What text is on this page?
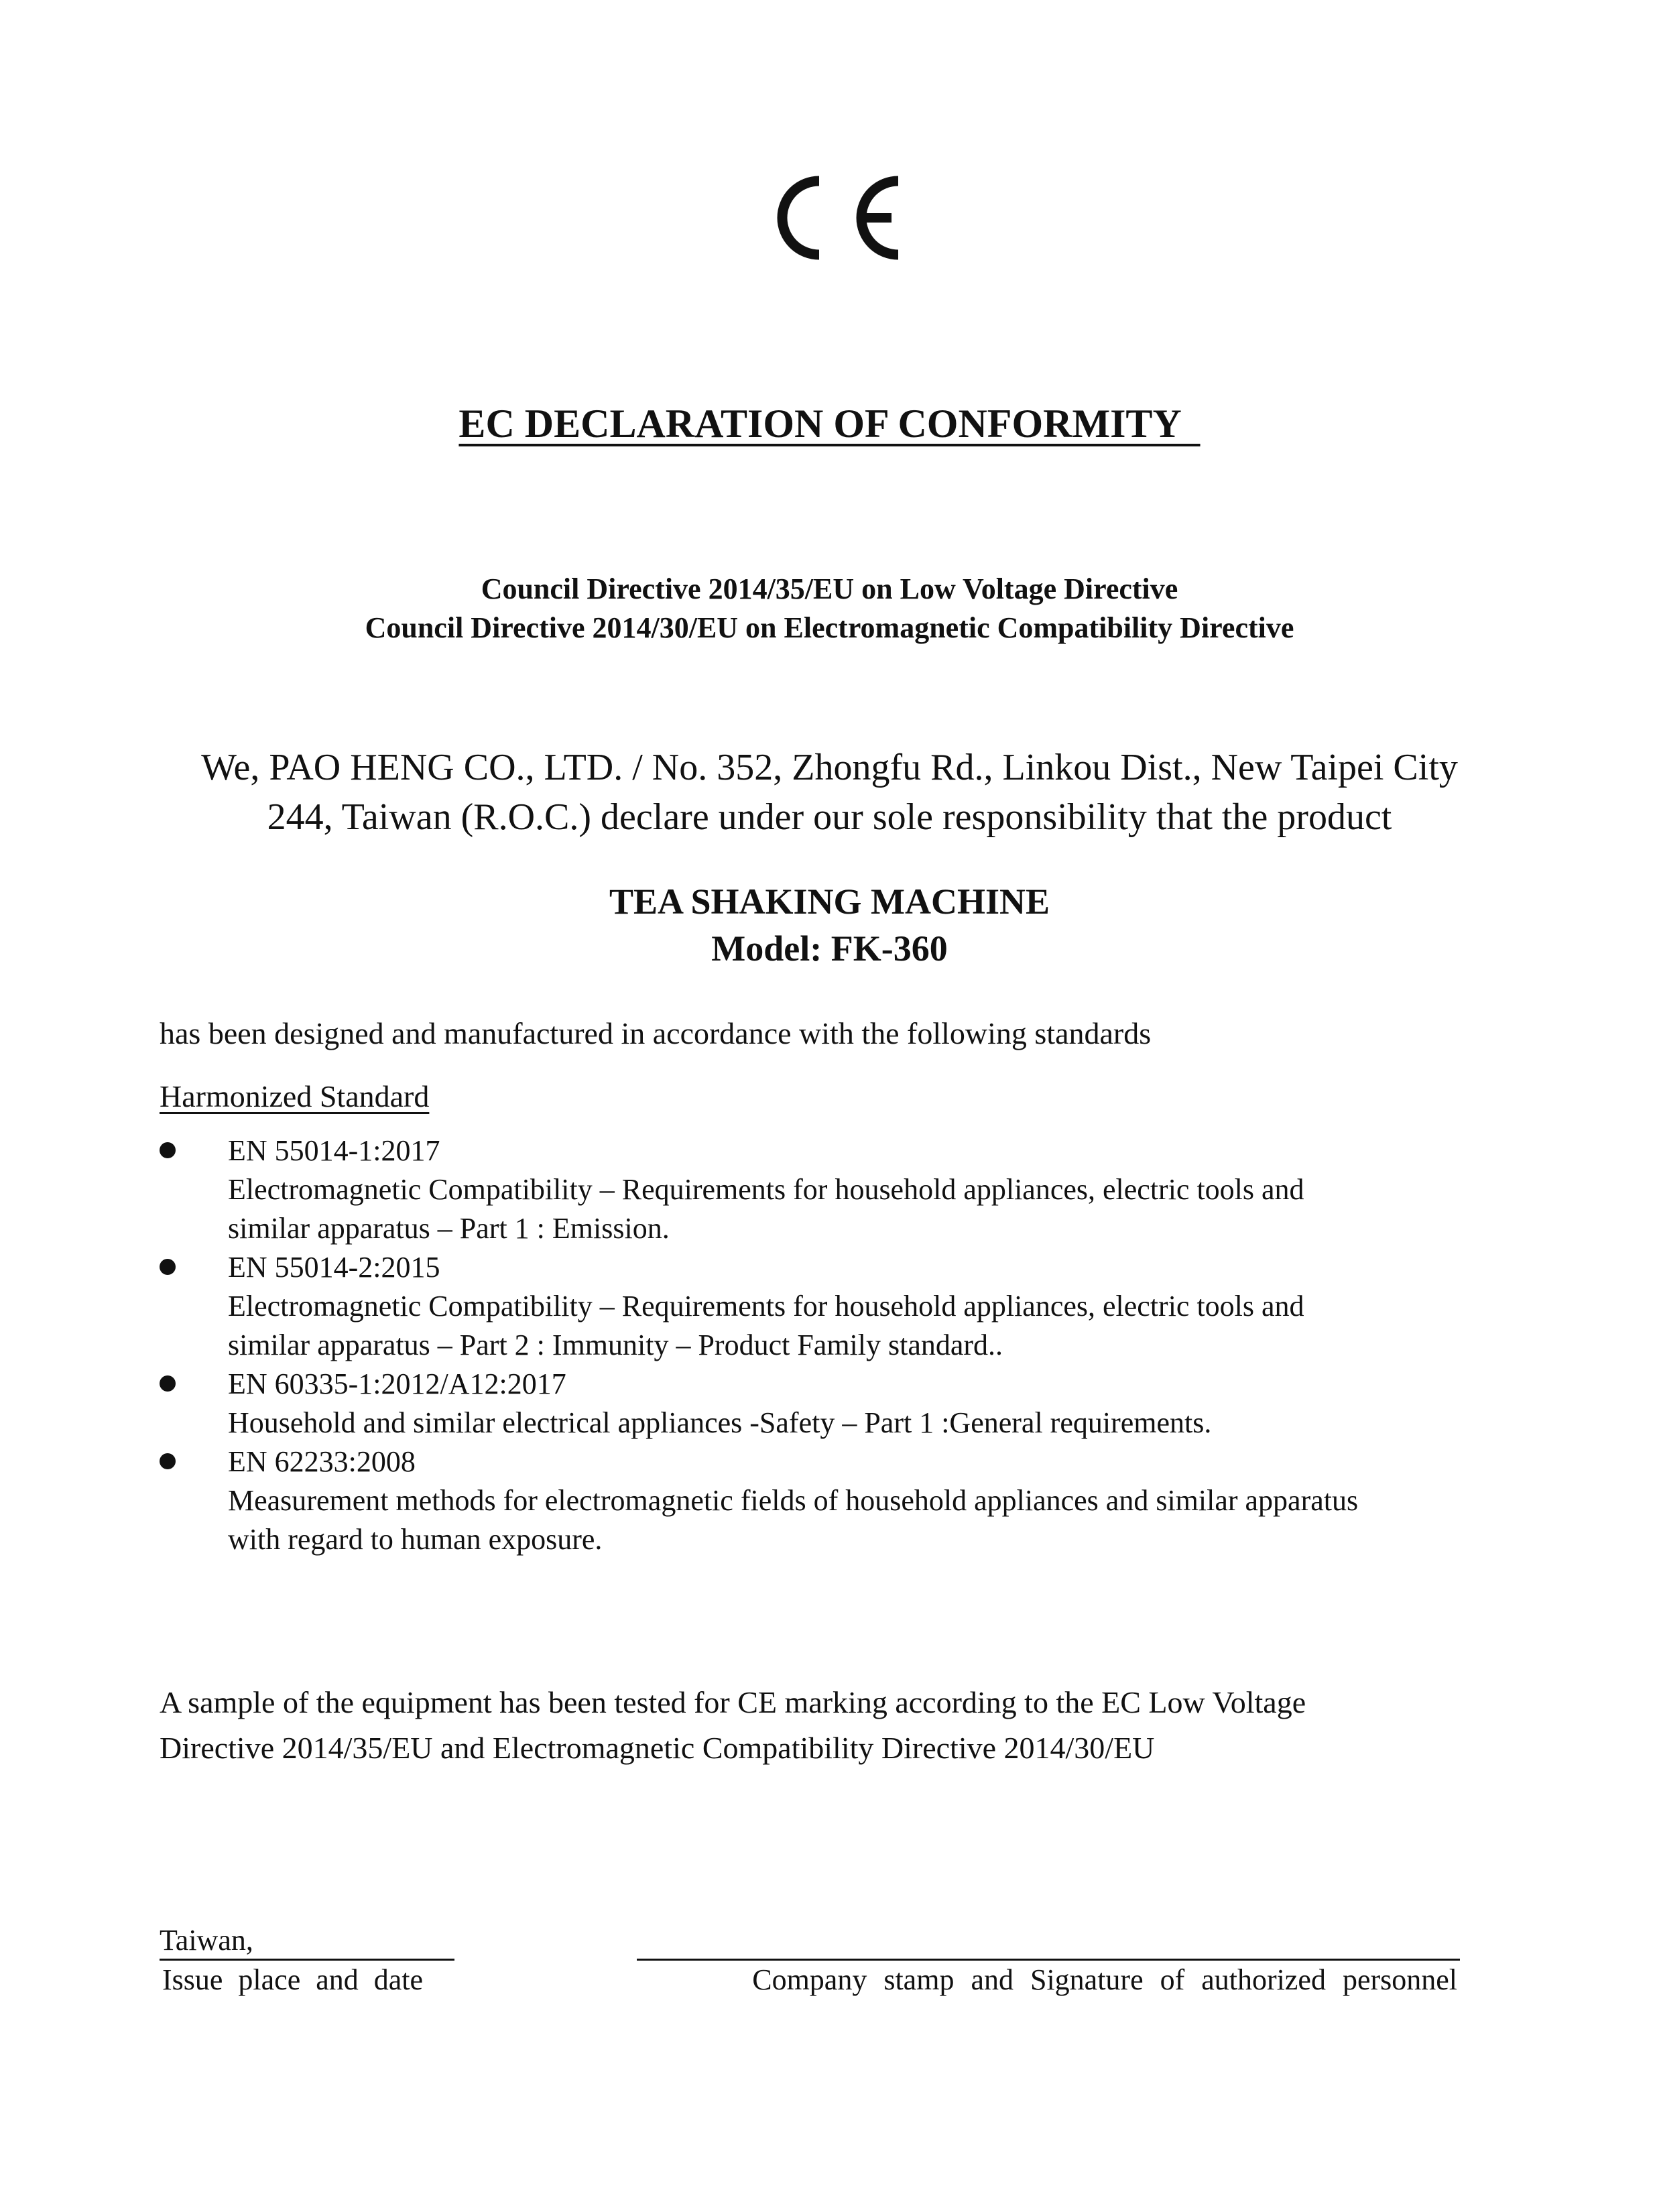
EC DECLARATION OF CONFORMITY
Council Directive 2014/35/EU on Low Voltage Directive
Council Directive 2014/30/EU on Electromagnetic Compatibility Directive
We, PAO HENG CO., LTD. / No. 352, Zhongfu Rd., Linkou Dist., New Taipei City
244, Taiwan (R.O.C.) declare under our sole responsibility that the product
TEA SHAKING MACHINE
Model: FK-360
has been designed and manufactured in accordance with the following standards
Harmonized Standard
EN 55014-1:2017
Electromagnetic Compatibility – Requirements for household appliances, electric tools and
similar apparatus – Part 1 : Emission.
EN 55014-2:2015
Electromagnetic Compatibility – Requirements for household appliances, electric tools and
similar apparatus – Part 2 : Immunity – Product Family standard..
EN 60335-1:2012/A12:2017
Household and similar electrical appliances -Safety – Part 1 :General requirements.
EN 62233:2008
Measurement methods for electromagnetic fields of household appliances and similar apparatus
with regard to human exposure.
A sample of the equipment has been tested for CE marking according to the EC Low Voltage
Directive 2014/35/EU and Electromagnetic Compatibility Directive 2014/30/EU
Taiwan,
Issue place and date	Company stamp and Signature of authorized personnel
